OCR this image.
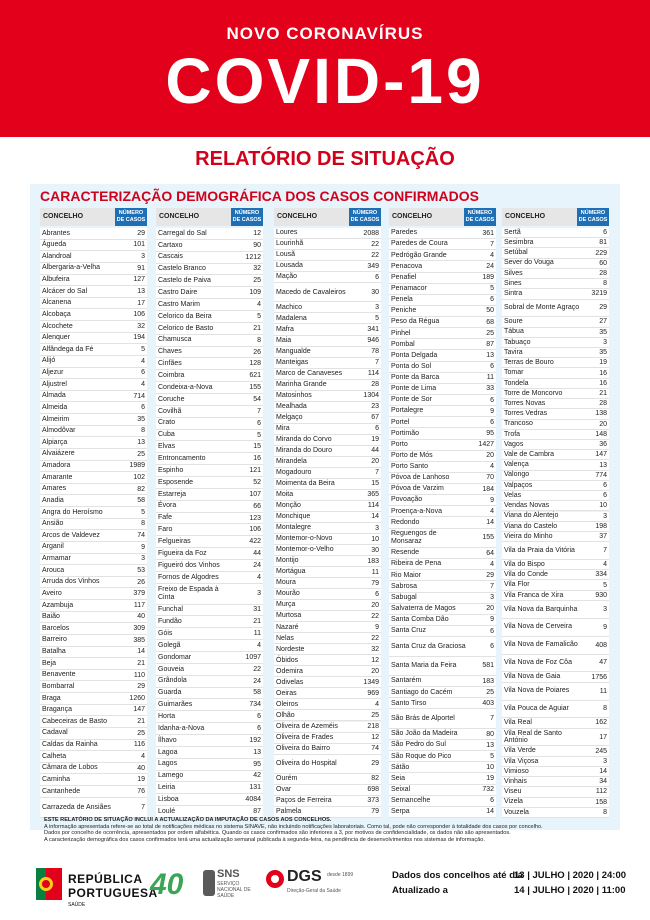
NOVO CORONAVÍRUS
COVID-19
RELATÓRIO DE SITUAÇÃO
CARACTERIZAÇÃO DEMOGRÁFICA DOS CASOS CONFIRMADOS
CONCELHO	NÚMERO DE CASOS
Abrantes	29
Águeda	101
Alandroal	3
Albergaria-a-Velha	91
Albufeira	127
Alcácer do Sal	13
Alcanena	17
Alcobaça	106
Alcochete	32
Alenquer	194
Alfândega da Fé	5
Alijó	4
Aljezur	6
Aljustrel	4
Almada	714
Almeida	6
Almeirim	35
Almodôvar	8
Alpiarça	13
Alvaiázere	25
Amadora	1989
Amarante	102
Amares	82
Anadia	58
Angra do Heroísmo	5
Ansião	8
Arcos de Valdevez	74
Arganil	9
Armamar	3
Arouca	53
Arruda dos Vinhos	26
Aveiro	379
Azambuja	117
Baião	40
Barcelos	309
Barreiro	385
Batalha	14
Beja	21
Benavente	110
Bombarral	29
Braga	1260
Bragança	147
Cabeceiras de Basto	21
Cadaval	25
Caldas da Rainha	116
Calheta	4
Câmara de Lobos	40
Caminha	19
Cantanhede	76
Carrazeda de Ansiães	7
CONCELHO	NÚMERO DE CASOS
Carregal do Sal	12
Cartaxo	90
Cascais	1212
Castelo Branco	32
Castelo de Paiva	25
Castro Daire	109
Castro Marim	4
Celorico da Beira	5
Celorico de Basto	21
Chamusca	8
Chaves	26
Cinfães	128
Coimbra	621
Condeixa-a-Nova	155
Coruche	54
Covilhã	7
Crato	6
Cuba	5
Elvas	15
Entroncamento	16
Espinho	121
Esposende	52
Estarreja	107
Évora	66
Fafe	123
Faro	106
Felgueiras	422
Figueira da Foz	44
Figueiró dos Vinhos	24
Fornos de Algodres	4
Freixo de Espada à Cinta	3
Funchal	31
Fundão	21
Góis	11
Golegã	4
Gondomar	1097
Gouveia	22
Grândola	24
Guarda	58
Guimarães	734
Horta	6
Idanha-a-Nova	6
Ílhavo	192
Lagoa	13
Lagos	95
Lamego	42
Leiria	131
Lisboa	4084
Loulé	87
CONCELHO	NÚMERO DE CASOS
Loures	2088
Lourinhã	22
Lousã	22
Lousada	349
Mação	6
Macedo de Cavaleiros	30
Machico	3
Madalena	5
Mafra	341
Maia	946
Mangualde	78
Manteigas	7
Marco de Canaveses	114
Marinha Grande	28
Matosinhos	1304
Mealhada	23
Melgaço	67
Mira	6
Miranda do Corvo	19
Miranda do Douro	44
Mirandela	20
Mogadouro	7
Moimenta da Beira	15
Moita	365
Monção	114
Monchique	14
Montalegre	3
Montemor-o-Novo	10
Montemor-o-Velho	30
Montijo	183
Mortágua	11
Moura	79
Mourão	6
Murça	20
Murtosa	22
Nazaré	9
Nelas	22
Nordeste	32
Óbidos	12
Odemira	20
Odivelas	1349
Oeiras	969
Oleiros	4
Olhão	25
Oliveira de Azeméis	218
Oliveira de Frades	12
Oliveira do Bairro	74
Oliveira do Hospital	29
Ourém	82
Ovar	698
Paços de Ferreira	373
Palmela	79
CONCELHO	NÚMERO DE CASOS
Paredes	361
Paredes de Coura	7
Pedrógão Grande	4
Penacova	24
Penafiel	189
Penamacor	5
Penela	6
Peniche	50
Peso da Régua	68
Pinhel	25
Pombal	87
Ponta Delgada	13
Ponta do Sol	6
Ponte da Barca	11
Ponte de Lima	33
Ponte de Sor	6
Portalegre	9
Portel	6
Portimão	95
Porto	1427
Porto de Mós	20
Porto Santo	4
Póvoa de Lanhoso	70
Póvoa de Varzim	184
Povoação	9
Proença-a-Nova	4
Redondo	14
Reguengos de Monsaraz	155
Resende	64
Ribeira de Pena	4
Rio Maior	29
Sabrosa	7
Sabugal	3
Salvaterra de Magos	20
Santa Comba Dão	9
Santa Cruz	6
Santa Cruz da Graciosa	6
Santa Maria da Feira	581
Santarém	183
Santiago do Cacém	25
Santo Tirso	403
São Brás de Alportel	7
São João da Madeira	80
São Pedro do Sul	13
São Roque do Pico	5
Sátão	10
Seia	19
Seixal	732
Sernancelhe	6
Serpa	14
CONCELHO	NÚMERO DE CASOS
Sertã	6
Sesimbra	81
Setúbal	229
Sever do Vouga	60
Silves	28
Sines	8
Sintra	3219
Sobral de Monte Agraço	29
Soure	27
Tábua	35
Tabuaço	3
Tavira	35
Terras de Bouro	19
Tomar	16
Tondela	16
Torre de Moncorvo	21
Torres Novas	28
Torres Vedras	138
Trancoso	20
Trofa	148
Vagos	36
Vale de Cambra	147
Valença	13
Valongo	774
Valpaços	6
Velas	6
Vendas Novas	10
Viana do Alentejo	3
Viana do Castelo	198
Vieira do Minho	37
Vila da Praia da Vitória	7
Vila do Bispo	4
Vila do Conde	334
Vila Flor	5
Vila Franca de Xira	930
Vila Nova da Barquinha	3
Vila Nova de Cerveira	9
Vila Nova de Famalicão	408
Vila Nova de Foz Côa	47
Vila Nova de Gaia	1756
Vila Nova de Poiares	11
Vila Pouca de Aguiar	8
Vila Real	162
Vila Real de Santo António	17
Vila Verde	245
Vila Viçosa	3
Vimioso	14
Vinhais	34
Viseu	112
Vizela	158
Vouzela	8
ESTE RELATÓRIO DE SITUAÇÃO INCLUI A ACTUALIZAÇÃO DA IMPUTAÇÃO DE CASOS AOS CONCELHOS.
A informação apresentada refere-se ao total de notificações médicas no sistema SINAVE, não incluindo notificações laboratoriais. Como tal, pode não corresponder à totalidade dos casos por concelho.
Dados por concelho de ocorrência, apresentados por ordem alfabética. Quando os casos confirmados são inferiores a 3, por motivos de confidencialidade, os dados não são apresentados.
A caracterização demográfica dos casos confirmados terá uma actualização semanal publicada à segunda-feira, na pendência de desenvolvimentos nos sistemas de informação.
REPÚBLICA
PORTUGUESA
SAÚDE
40	SNS
SERVIÇO NACIONAL DE SAÚDE
DGS desde 1899
Direção-Geral da Saúde
Dados dos concelhos até dia13 | JULHO | 2020 | 24:00
Atualizado a	14 | JULHO | 2020 | 11:00
